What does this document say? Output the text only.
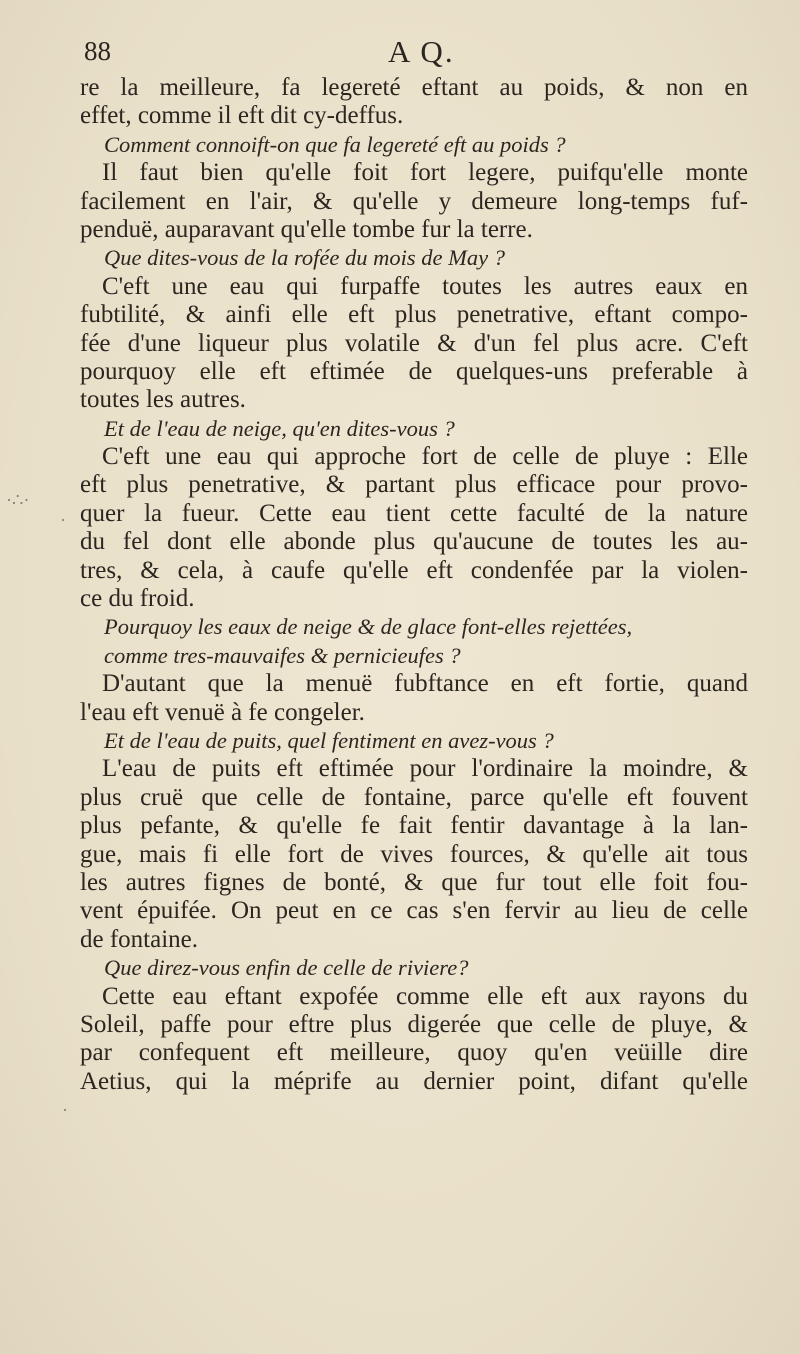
88	A Q.
re la meilleure, fa legereté eftant au poids, & non en
effet, comme il eft dit cy-deffus.
Comment connoift-on que fa legereté eft au poids ?
Il faut bien qu'elle foit fort legere, puifqu'elle monte
facilement en l'air, & qu'elle y demeure long-temps fuf-
penduë, auparavant qu'elle tombe fur la terre.
Que dites-vous de la rofée du mois de May ?
C'eft une eau qui furpaffe toutes les autres eaux en
fubtilité, & ainfi elle eft plus penetrative, eftant compo-
fée d'une liqueur plus volatile & d'un fel plus acre. C'eft
pourquoy elle eft eftimée de quelques-uns preferable à
toutes les autres.
Et de l'eau de neige, qu'en dites-vous ?
C'eft une eau qui approche fort de celle de pluye : Elle
eft plus penetrative, & partant plus efficace pour provo-
quer la fueur. Cette eau tient cette faculté de la nature
du fel dont elle abonde plus qu'aucune de toutes les au-
tres, & cela, à caufe qu'elle eft condenfée par la violen-
ce du froid.
Pourquoy les eaux de neige & de glace font-elles rejettées,
comme tres-mauvaifes & pernicieufes ?
D'autant que la menuë fubftance en eft fortie, quand
l'eau eft venuë à fe congeler.
Et de l'eau de puits, quel fentiment en avez-vous ?
L'eau de puits eft eftimée pour l'ordinaire la moindre, &
plus cruë que celle de fontaine, parce qu'elle eft fouvent
plus pefante, & qu'elle fe fait fentir davantage à la lan-
gue, mais fi elle fort de vives fources, & qu'elle ait tous
les autres fignes de bonté, & que fur tout elle foit fou-
vent épuifée. On peut en ce cas s'en fervir au lieu de celle
de fontaine.
Que direz-vous enfin de celle de riviere?
Cette eau eftant expofée comme elle eft aux rayons du
Soleil, paffe pour eftre plus digerée que celle de pluye, &
par confequent eft meilleure, quoy qu'en veüille dire
Aetius, qui la méprife au dernier point, difant qu'elle
·∴·
·
·
